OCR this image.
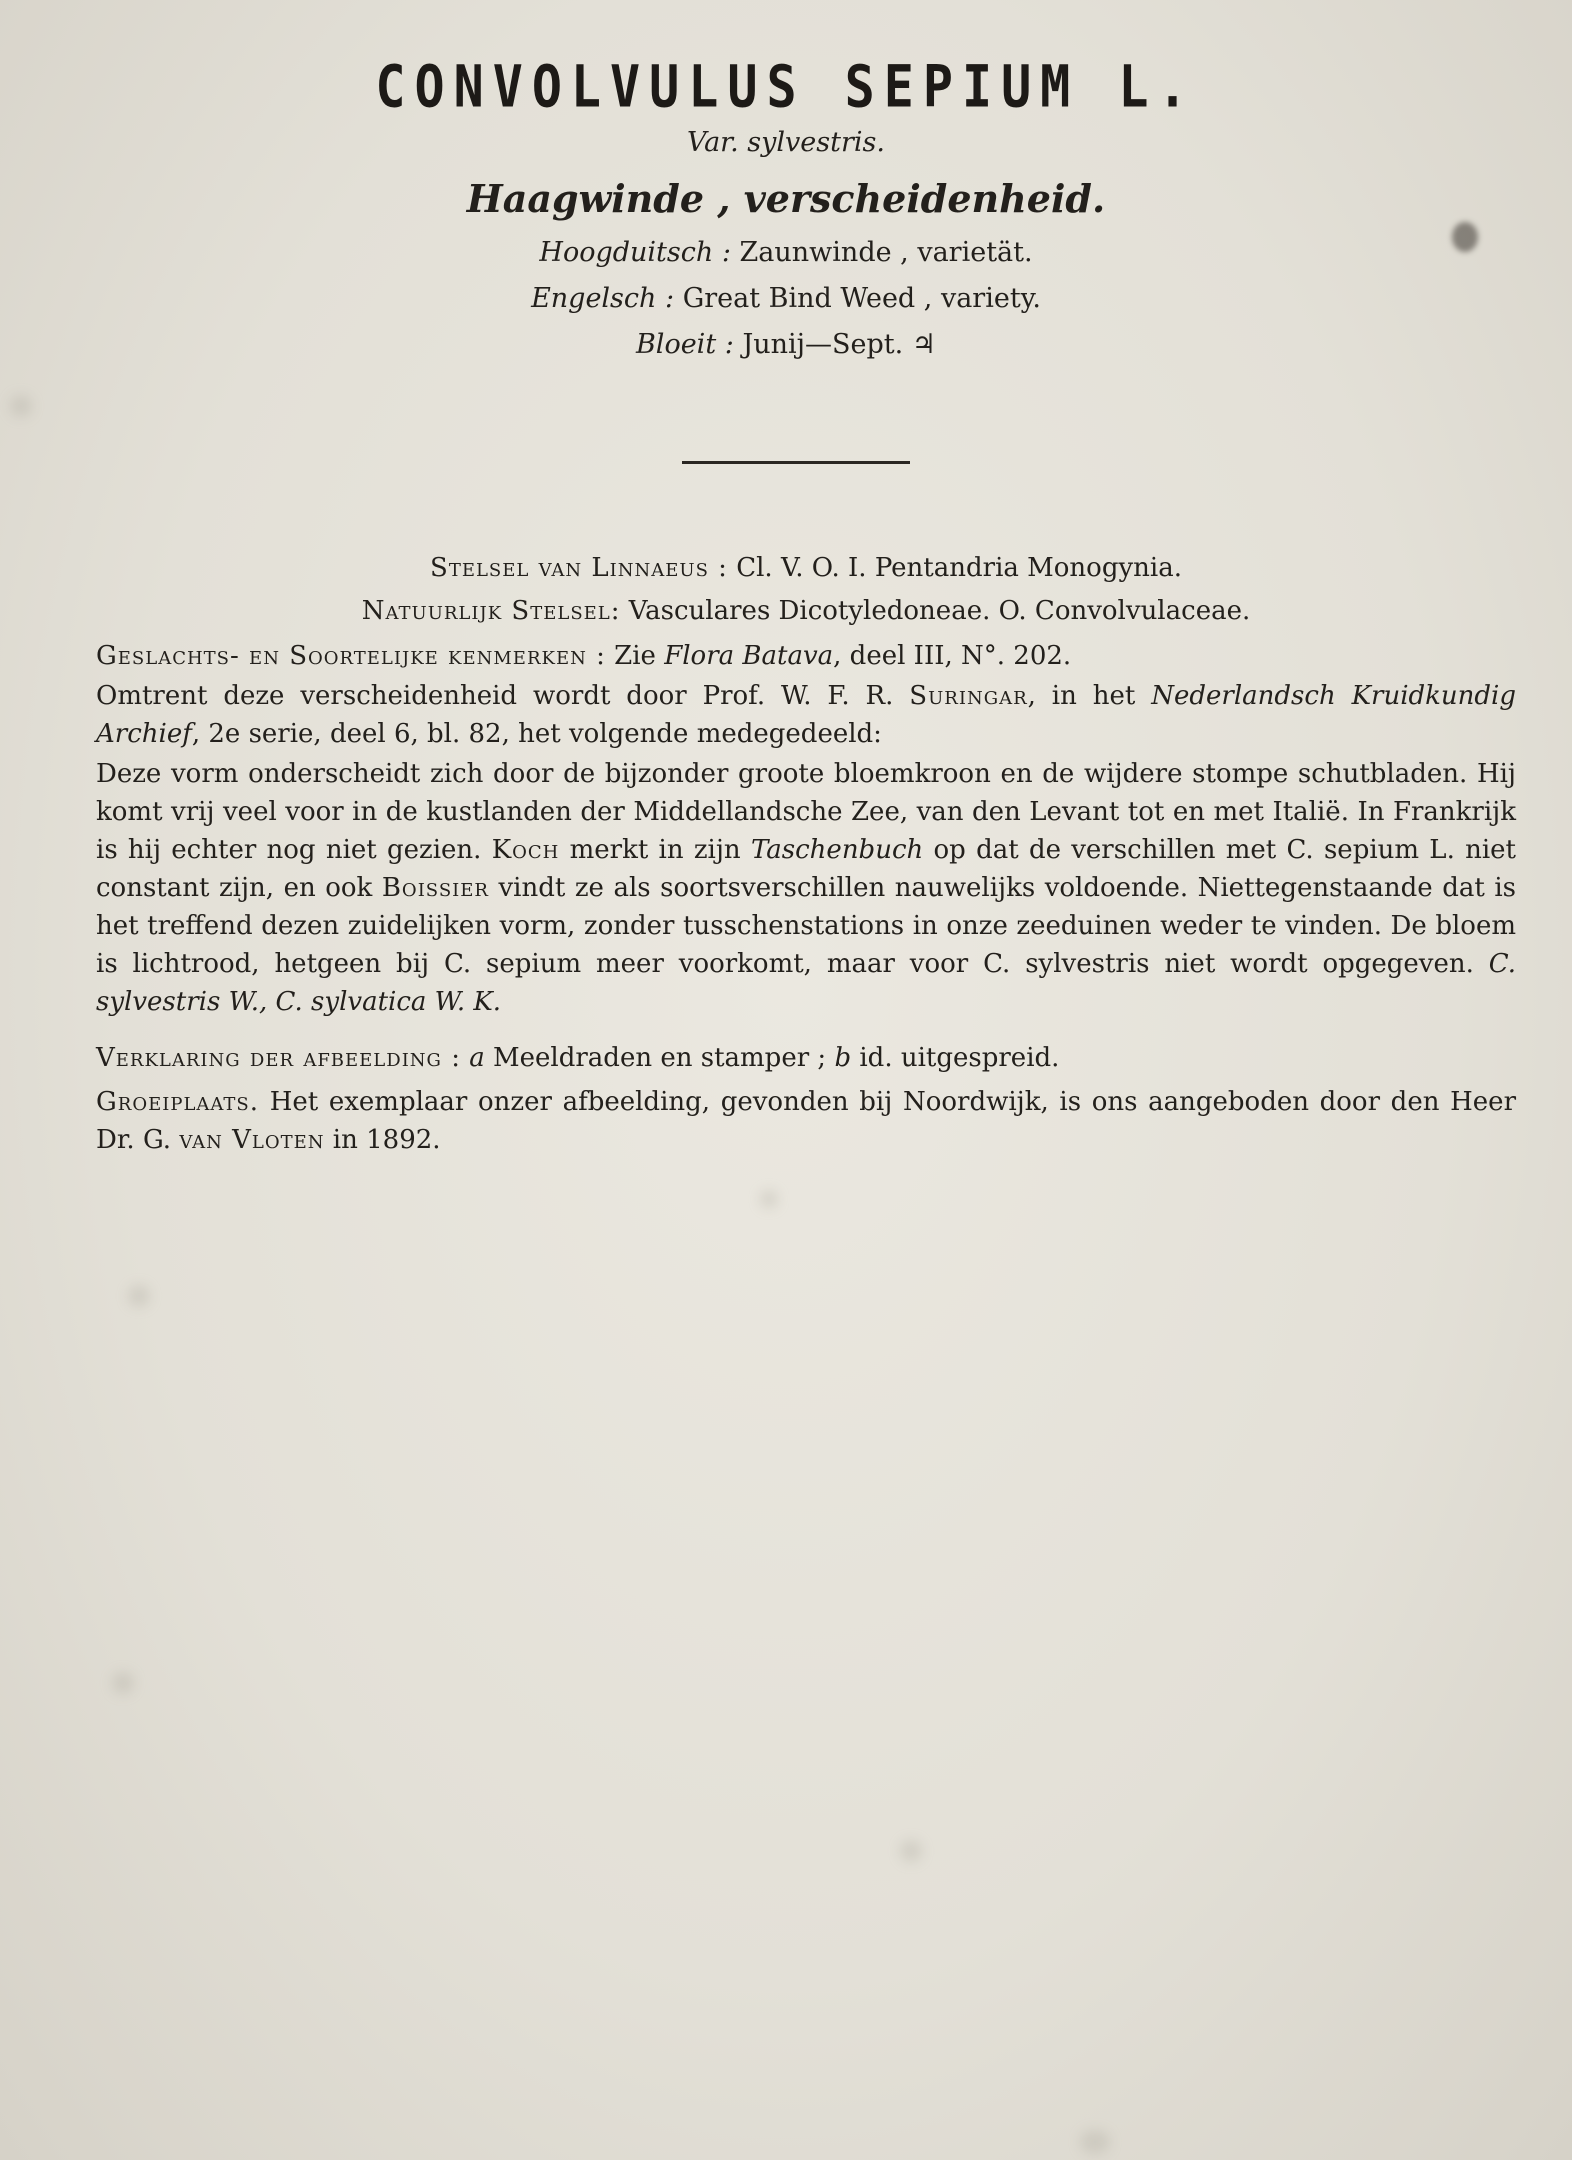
CONVOLVULUS SEPIUM L.
Var. sylvestris.
Haagwinde , verscheidenheid.
Hoogduitsch : Zaunwinde , varietät.
Engelsch : Great Bind Weed , variety.
Bloeit : Junij—Sept. ♃
Stelsel van Linnaeus : Cl. V. O. I. Pentandria Monogynia.
Natuurlijk Stelsel: Vasculares Dicotyledoneae. O. Convolvulaceae.
Geslachts- en Soortelijke kenmerken : Zie Flora Batava, deel III, N°. 202.
Omtrent deze verscheidenheid wordt door Prof. W. F. R. Suringar, in het Nederlandsch Kruidkundig Archief, 2e serie, deel 6, bl. 82, het volgende medegedeeld:
Deze vorm onderscheidt zich door de bijzonder groote bloemkroon en de wijdere stompe schutbladen. Hij komt vrij veel voor in de kustlanden der Middellandsche Zee, van den Levant tot en met Italië. In Frankrijk is hij echter nog niet gezien. Koch merkt in zijn Taschenbuch op dat de verschillen met C. sepium L. niet constant zijn, en ook Boissier vindt ze als soortsverschillen nauwelijks voldoende. Niettegenstaande dat is het treffend dezen zuidelijken vorm, zonder tusschenstations in onze zeeduinen weder te vinden. De bloem is lichtrood, hetgeen bij C. sepium meer voorkomt, maar voor C. sylvestris niet wordt opgegeven. C. sylvestris W., C. sylvatica W. K.
Verklaring der afbeelding : a Meeldraden en stamper ; b id. uitgespreid.
Groeiplaats. Het exemplaar onzer afbeelding, gevonden bij Noordwijk, is ons aangeboden door den Heer Dr. G. van Vloten in 1892.
